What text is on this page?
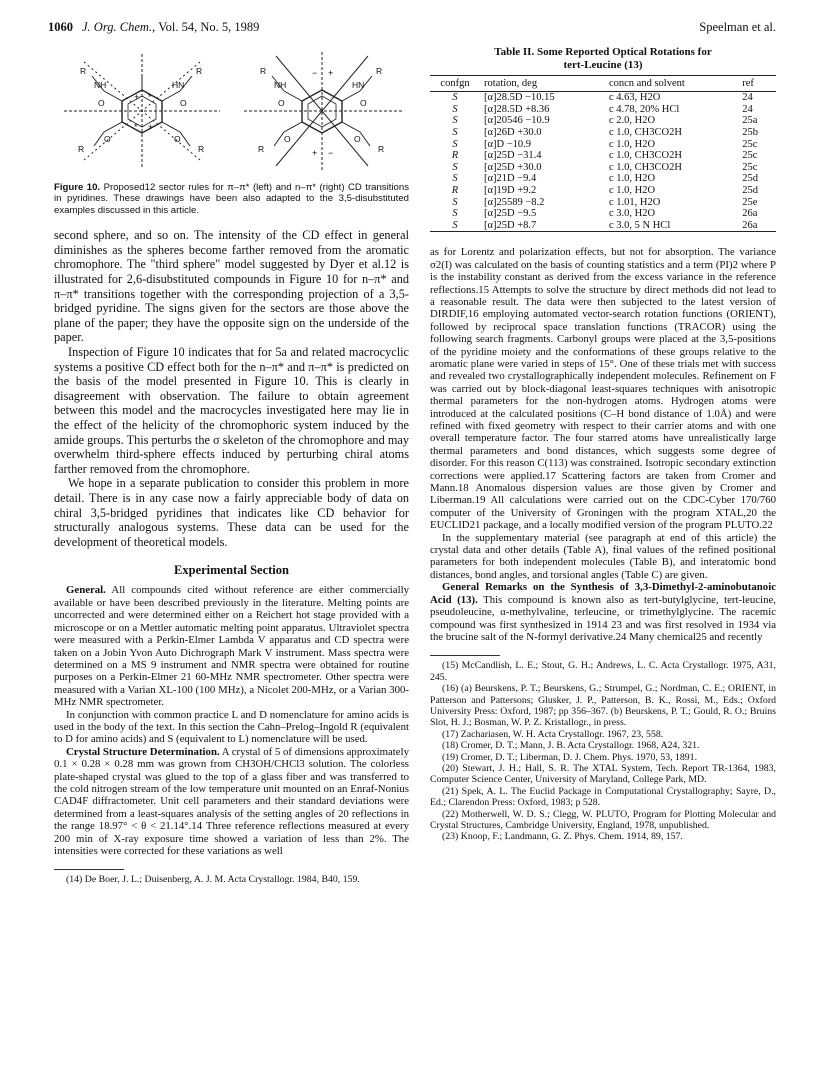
1060 J. Org. Chem., Vol. 54, No. 5, 1989	Speelman et al.
R
NH	HN
R
O	O
R
O	O
R
+ *
* +
R
NH	HN
R
O	O
R
O	O
R
− +
+ −
Figure 10. Proposed12 sector rules for π–π* (left) and n–π* (right) CD transitions in pyridines. These drawings have been also adapted to the 3,5-disubstituted examples discussed in this article.

second sphere, and so on. The intensity of the CD effect in general diminishes as the spheres become farther removed from the aromatic chromophore. The "third sphere" model suggested by Dyer et al.12 is illustrated for 2,6-disubstituted compounds in Figure 10 for n–π* and π–π* transitions together with the corresponding projection of a 3,5-bridged pyridine. The signs given for the sectors are those above the plane of the paper; they have the opposite sign on the underside of the paper.

Inspection of Figure 10 indicates that for 5a and related macrocyclic systems a positive CD effect both for the n–π* and π–π* is predicted on the basis of the model presented in Figure 10. This is clearly in disagreement with observation. The failure to obtain agreement between this model and the macrocycles investigated here may lie in the effect of the helicity of the chromophoric system induced by the amide groups. This perturbs the σ skeleton of the chromophore and may overwhelm third-sphere effects induced by perturbing chiral atoms farther removed from the chromophore.

We hope in a separate publication to consider this problem in more detail. There is in any case now a fairly appreciable body of data on chiral 3,5-bridged pyridines that indicates like CD behavior for structurally analogous systems. These data can be used for the development of theoretical models.

Experimental Section

General. All compounds cited without reference are either commercially available or have been described previously in the literature. Melting points are uncorrected and were determined either on a Reichert hot stage provided with a microscope or on a Mettler automatic melting point apparatus. Ultraviolet spectra were measured with a Perkin-Elmer Lambda V apparatus and CD spectra were taken on a Jobin Yvon Auto Dichrograph Mark V instrument. Mass spectra were determined on a MS 9 instrument and NMR spectra were obtained for routine purposes on a Perkin-Elmer 21 60-MHz NMR spectrometer. Other spectra were measured with a Varian XL-100 (100 MHz), a Nicolet 200-MHz, or a Varian 300-MHz NMR spectrometer.

In conjunction with common practice L and D nomenclature for amino acids is used in the body of the text. In this section the Cahn–Prelog–Ingold R (equivalent to D for amino acids) and S (equivalent to L) nomenclature will be used.

Crystal Structure Determination. A crystal of 5 of dimensions approximately 0.1 × 0.28 × 0.28 mm was grown from CH3OH/CHCl3 solution. The colorless plate-shaped crystal was glued to the top of a glass fiber and was transferred to the cold nitrogen stream of the low temperature unit mounted on an Enraf-Nonius CAD4F diffractometer. Unit cell parameters and their standard deviations were determined from a least-squares analysis of the setting angles of 20 reflections in the range 18.97° < θ < 21.14°.14 Three reference reflections measured at every 200 min of X-ray exposure time showed a variation of less than 2%. The intensities were corrected for these variations as well

(14) De Boer, J. L.; Duisenberg, A. J. M. Acta Crystallogr. 1984, B40, 159.

Table II. Some Reported Optical Rotations for
tert-Leucine (13)
confgn	rotation, deg	concn and solvent	ref
S	[α]28.5D −10.15	c 4.63, H2O	24
S	[α]28.5D +8.36	c 4.78, 20% HCl	24
S	[α]20546 −10.9	c 2.0, H2O	25a
S	[α]26D +30.0	c 1.0, CH3CO2H	25b
S	[α]D −10.9	c 1.0, H2O	25c
R	[α]25D −31.4	c 1.0, CH3CO2H	25c
S	[α]25D +30.0	c 1.0, CH3CO2H	25c
S	[α]21D −9.4	c 1.0, H2O	25d
R	[α]19D +9.2	c 1.0, H2O	25d
S	[α]25589 −8.2	c 1.01, H2O	25e
S	[α]25D −9.5	c 3.0, H2O	26a
S	[α]25D +8.7	c 3.0, 5 N HCl	26a

as for Lorentz and polarization effects, but not for absorption. The variance σ2(I) was calculated on the basis of counting statistics and a term (PI)2 where P is the instability constant as derived from the excess variance in the reference reflections.15 Attempts to solve the structure by direct methods did not lead to a reasonable result. The data were then subjected to the latest version of DIRDIF,16 employing automated vector-search rotation functions (ORIENT), followed by reciprocal space translation functions (TRACOR) using the following search fragments. Carbonyl groups were placed at the 3,5-positions of the pyridine moiety and the conformations of these groups relative to the aromatic plane were varied in steps of 15°. One of these trials met with success and revealed two crystallographically independent molecules. Refinement on F was carried out by block-diagonal least-squares techniques with anisotropic thermal parameters for the non-hydrogen atoms. Hydrogen atoms were introduced at the calculated positions (C–H bond distance of 1.0Å) and were refined with fixed geometry with respect to their carrier atoms and with one overall temperature factor. The four starred atoms have unrealistically large thermal parameters and bond distances, which suggests some degree of disorder. For this reason C(113) was constrained. Isotropic secondary extinction corrections were applied.17 Scattering factors are taken from Cromer and Mann.18 Anomalous dispersion values are those given by Cromer and Liberman.19 All calculations were carried out on the CDC-Cyber 170/760 computer of the University of Groningen with the program XTAL,20 the EUCLID21 package, and a locally modified version of the program PLUTO.22

In the supplementary material (see paragraph at end of this article) the crystal data and other details (Table A), final values of the refined positional parameters for both independent molecules (Table B), and interatomic bond distances, bond angles, and torsional angles (Table C) are given.

General Remarks on the Synthesis of 3,3-Dimethyl-2-aminobutanoic Acid (13). This compound is known also as tert-butylglycine, tert-leucine, pseudoleucine, α-methylvaline, terleucine, or trimethylglycine. The racemic compound was first synthesized in 1914 23 and was first resolved in 1934 via the brucine salt of the N-formyl derivative.24 Many chemical25 and recently

(15) McCandlish, L. E.; Stout, G. H.; Andrews, L. C. Acta Crystallogr. 1975, A31, 245.

(16) (a) Beurskens, P. T.; Beurskens, G.; Strumpel, G.; Nordman, C. E.; ORIENT, in Patterson and Pattersons; Glusker, J. P., Patterson, B. K., Rossi, M., Eds.; Oxford University Press: Oxford, 1987; pp 356–367. (b) Beurskens, P. T.; Gould, R. O.; Bruins Slot, H. J.; Bosman, W. P. Z. Kristallogr., in press.

(17) Zachariasen, W. H. Acta Crystallogr. 1967, 23, 558.

(18) Cromer, D. T.; Mann, J. B. Acta Crystallogr. 1968, A24, 321.

(19) Cromer, D. T.; Liberman, D. J. Chem. Phys. 1970, 53, 1891.

(20) Stewart, J. H.; Hall, S. R. The XTAL System, Tech. Report TR-1364, 1983, Computer Science Center, University of Maryland, College Park, MD.

(21) Spek, A. L. The Euclid Package in Computational Crystallography; Sayre, D., Ed.; Clarendon Press: Oxford, 1983; p 528.

(22) Motherwell, W. D. S.; Clegg, W. PLUTO, Program for Plotting Molecular and Crystal Structures, Cambridge University, England, 1978, unpublished.

(23) Knoop, F.; Landmann, G. Z. Phys. Chem. 1914, 89, 157.
